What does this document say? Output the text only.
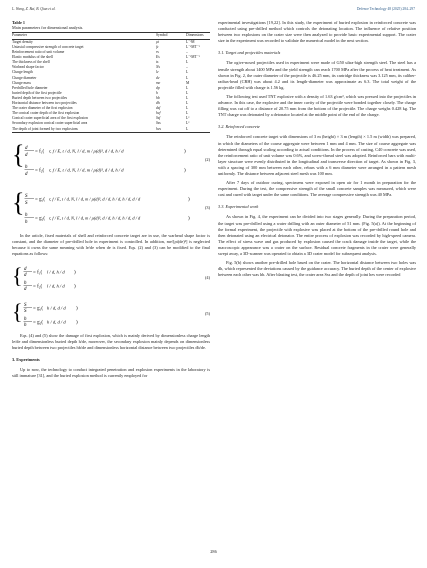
L. Wang, Z. Bai, B. Qian et al.	Defence Technology 48 (2025) 284–297
Table 1
Main parameters for dimensional analysis.
Parameter	Symbol	Dimensions
Target density	ρt	L⁻³M
Uniaxial compressive strength of concrete target	fc	L⁻¹MT⁻²
Reinforcement ratio of unit volume	rs	–
Elastic modulus of the shell	Es	L⁻¹MT⁻²
The thickness of the shell	ts	L
Warhead shape factor	Ns	–
Charge length	le	L
Charge diameter	de	L
Charge mass	me	M
Predrilled hole diameter	dp	L
buried depth of the first projectile	h	L
Buried depth between two projectiles	hb	L
Horizontal distance between two projectiles	dh	L
The crater diameter of the first explosion	dsf	L
The conical crater depth of the first explosion	hef	L
Conical crater superficial area of the first explosion	Ssf	L²
Secondary explosion conical crater superficial area	Sss	L²
The depth of joint formed by two explosions	hes	L
{ d
d
= f₁( r, f / E, t / d, N, l / d, m / ρ(d)³, d / d, h / d	)
h
d
= f₂( r, f / E, t / d, N, l / d, m / ρ(d)³, d / d, h / d	)
(2)
{ S
S
= g₁( r, f / E, t / d, N, l / d, m / ρ(d)³, d / d, h / d, h / d, d / d	)
h
h
= g₂( r, f / E, t / d, N, l / d, m / ρ(d)³, d / d, h / d, h / d, d / d	)
(3)

In the article, fixed materials of shell and reinforced concrete target are in use, the warhead shape factor is constant, and the diameter of pre-drilled hole in experiment is controlled. In addition, me/[ρt(de)³] is neglected because it owns the same meaning with le/de when de is fixed. Eqs. (2) and (3) can be modified to the final equations as follows:

{ d
d = f₁( l / d, h / d )
h
d = f₂( l / d, h / d )
(4)
{ S
S = g₁( h / d, d / d )
h
h = g₂( h / d, d / d )
(5)

Eqs. (4) and (5) show the damage of first explosion, which is mainly derived by dimensionless charge length le/de and dimensionless buried depth h/de, moreover, the secondary explosion mainly depends on dimensionless buried depth between two projectiles hb/de and dimensionless horizontal distance between two projectiles db/de.

3. Experiments

Up to now, the technology to conduct integrated penetration and explosion experiments in the laboratory is still immature [31], and the buried explosion method is currently employed for

experimental investigations [19,22]. In this study, the experiment of buried explosion in reinforced concrete was conducted using pre-drilled method which controls the detonating location. The influence of relative position between two explosions on the crater size were then analyzed to provide basic experimental support. The crater size in the experiment was recorded to validate the numerical model in the next section.

3.1. Target and projectiles materials

The ogive-nosed projectiles used in experiment were made of G50 ultra-high strength steel. The steel has a tensile strength about 1400 MPa and the yield strength can reach 1700 MPa after the process of heat treatment. As shown in Fig. 2, the outer diameter of the projectile is 46.25 mm, its cartridge thickness was 3.125 mm, its caliber-radius-head (CRH) was about 4.2 and its length-diameter was approximate as 6.3. The total weight of the projectile filled with charge is 1.56 kg.

The following test used TNT explosive with a density of 1.63 g/cm³, which was pressed into the projectiles in advance. In this case, the explosive and the inner cavity of the projectile were bonded together closely. The charge filling was cut off to a distance of 20.75 mm from the bottom of the projectile. The charge weighs 0.428 kg. The TNT charge was detonated by a detonator located at the middle point of the end of the charge.

3.2. Reinforced concrete

The reinforced concrete target with dimensions of 3 m (height) × 3 m (length) × 1.5 m (width) was prepared, in which the diameters of the coarse aggregate were between 1 mm and 4 mm. The size of coarse aggregate was determined through equal scaling according to actual conditions. In the process of casting, C40 concrete was used, the reinforcement ratio of unit volume was 0.6%, and screw-thread steel was adopted. Reinforced bars with multi-layer structure were evenly distributed in the longitudinal and transverse direction of target. As shown in Fig. 3, with a spacing of 300 mm between each other, rebars with a 6 mm diameter were arranged in a pattern mesh uniformly. The distance between adjacent steel mesh was 100 mm.

After 7 days of outdoor curing, specimens were exposed in open air for 1 month in preparation for the experiment. During the test, the compressive strength of the small concrete samples was measured, which were cast and cured with target under the same conditions. The average compressive strength was 40 MPa.

3.3. Experimental work

As shown in Fig. 4, the experiment can be divided into two stages generally. During the preparation period, the target was pre-drilled using a water drilling with an outer diameter of 51 mm. (Fig. 5(a)). At the beginning of the formal experiment, the projectile with explosive was placed at the bottom of the pre-drilled round hole and then detonated using an electrical detonator. The entire process of explosion was recorded by high-speed camera. The effect of stress wave and gas produced by explosion caused the crack damage inside the target, while the macroscopic appearance was a crater on the surface. Residual concrete fragments in the crater were generally swept away, a 3D-scanner was operated to obtain a 3D crater model for subsequent analysis.

Fig. 5(b) shows another pre-drilled hole based on the crater. The horizontal distance between two holes was dh, which represented the deviations caused by the guidance accuracy. The buried depth of the center of explosive between each other was hb. After blasting test, the crater area Sss and the depth of joint hes were recorded

286
